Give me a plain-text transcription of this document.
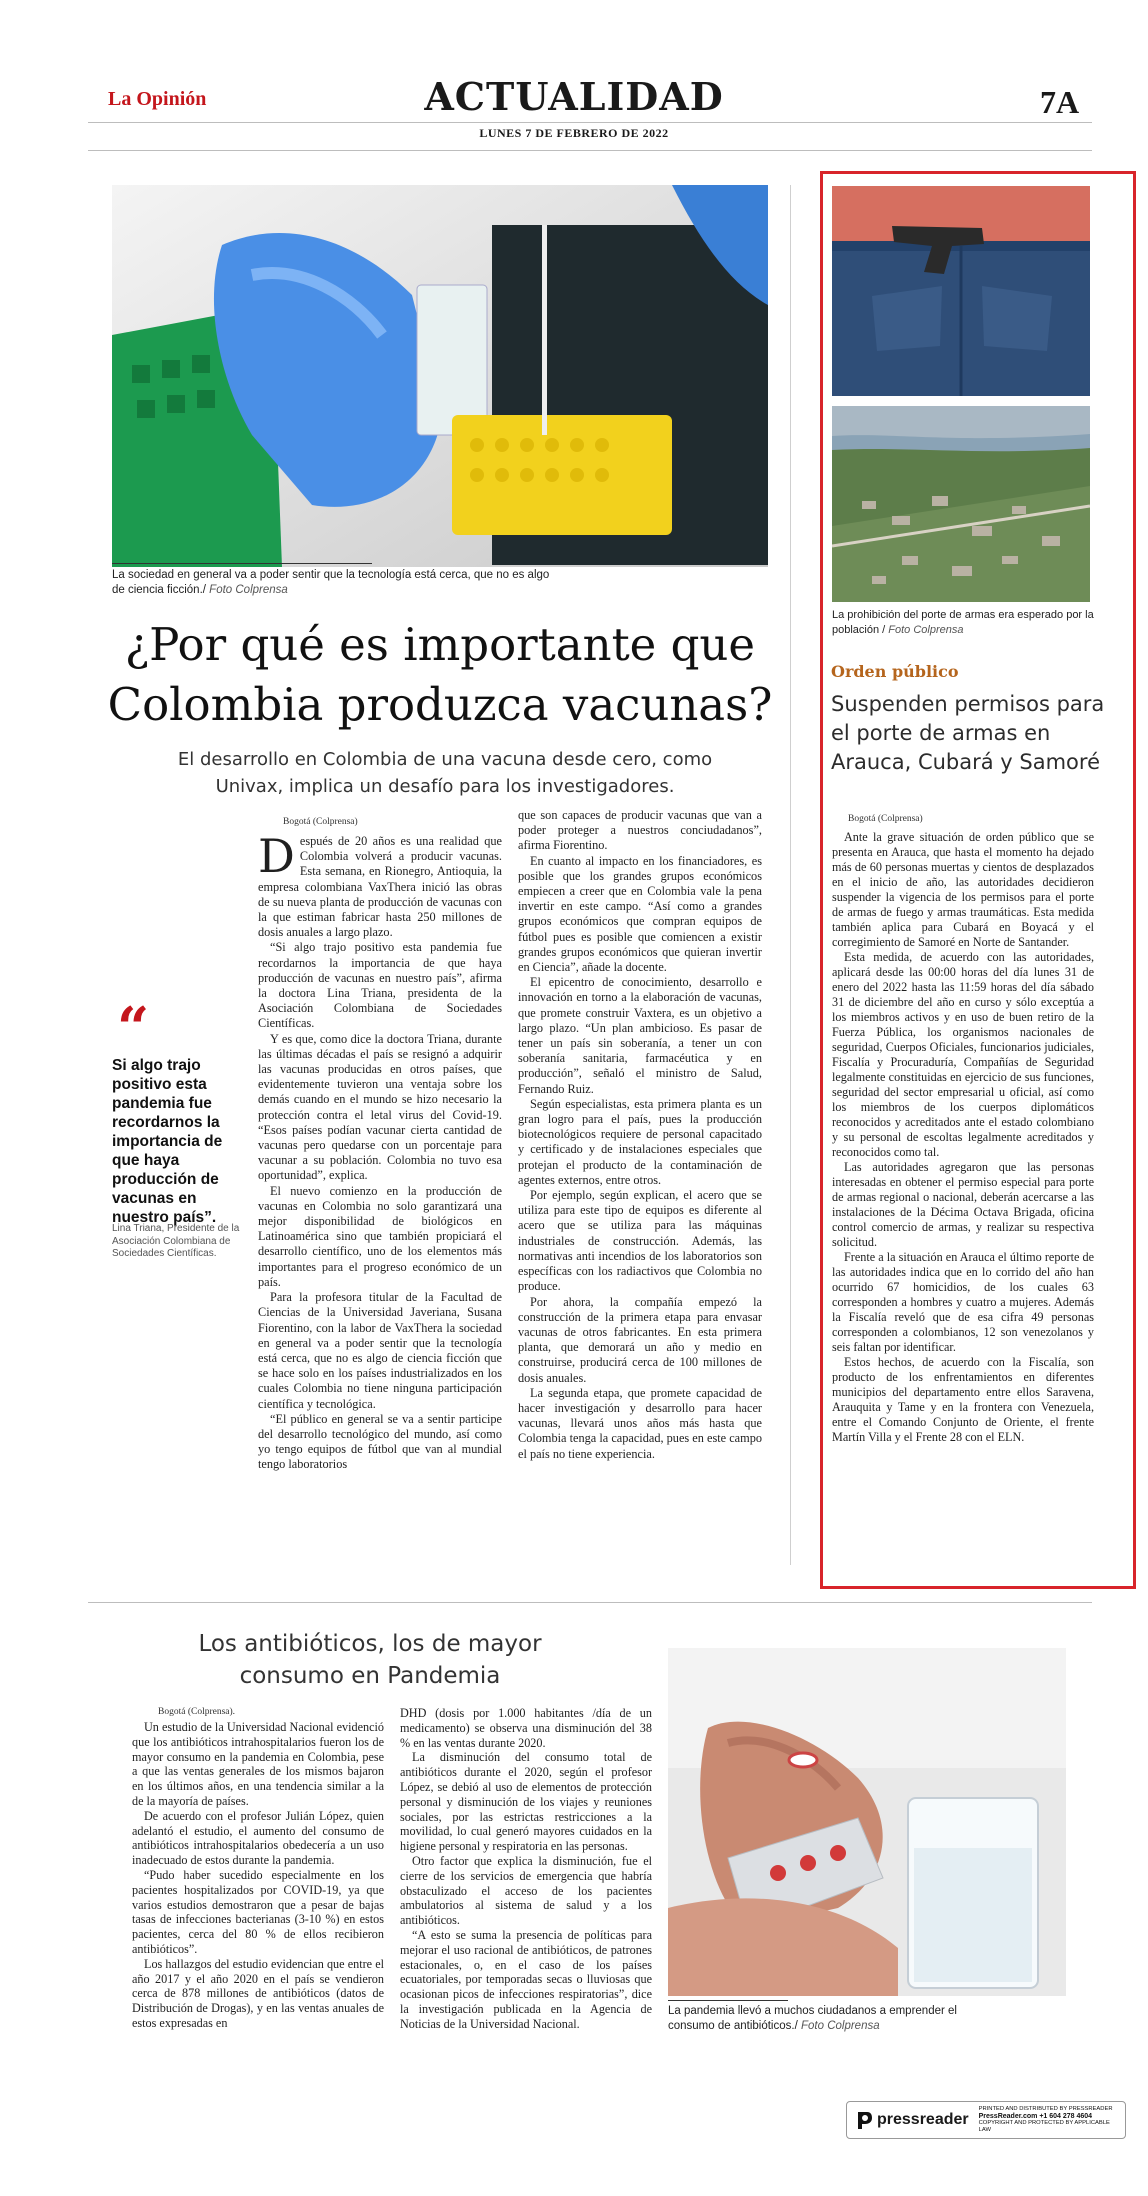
La Opinión	ACTUALIDAD
LUNES 7 DE FEBRERO DE 2022
7A
La sociedad en general va a poder sentir que la tecnología está cerca, que no es algo de ciencia ficción./ Foto Colprensa
¿Por qué es importante que Colombia produzca vacunas?
El desarrollo en Colombia de una vacuna desde cero, como Univax, implica un desafío para los investigadores.
“
Si algo trajo positivo esta pandemia fue recordarnos la importancia de que haya producción de vacunas en nuestro país”.
Lina Triana, Presidente de la Asociación Colombiana de Sociedades Científicas.
Bogotá (Colprensa)
D espués de 20 años es una realidad que Colombia volverá a producir vacunas. Esta semana, en Rionegro, Antioquia, la empresa colombiana VaxThera inició las obras de su nueva planta de producción de vacunas con la que estiman fabricar hasta 250 millones de dosis anuales a largo plazo.

“Si algo trajo positivo esta pandemia fue recordarnos la importancia de que haya producción de vacunas en nuestro país”, afirma la doctora Lina Triana, presidenta de la Asociación Colombiana de Sociedades Científicas.

Y es que, como dice la doctora Triana, durante las últimas décadas el país se resignó a adquirir las vacunas producidas en otros países, que evidentemente tuvieron una ventaja sobre los demás cuando en el mundo se hizo necesario la protección contra el letal virus del Covid-19. “Esos países podían vacunar cierta cantidad de vacunas pero quedarse con un porcentaje para vacunar a su población. Colombia no tuvo esa oportunidad”, explica.

El nuevo comienzo en la producción de vacunas en Colombia no solo garantizará una mejor disponibilidad de biológicos en Latinoamérica sino que también propiciará el desarrollo científico, uno de los elementos más importantes para el progreso económico de un país.

Para la profesora titular de la Facultad de Ciencias de la Universidad Javeriana, Susana Fiorentino, con la labor de VaxThera la sociedad en general va a poder sentir que la tecnología está cerca, que no es algo de ciencia ficción que se hace solo en los países industrializados en los cuales Colombia no tiene ninguna participación científica y tecnológica.

“El público en general se va a sentir participe del desarrollo tecnológico del mundo, así como yo tengo equipos de fútbol que van al mundial tengo laboratorios

que son capaces de producir vacunas que van a poder proteger a nuestros conciudadanos”, afirma Fiorentino.

En cuanto al impacto en los financiadores, es posible que los grandes grupos económicos empiecen a creer que en Colombia vale la pena invertir en este campo. “Así como a grandes grupos económicos que compran equipos de fútbol pues es posible que comiencen a existir grandes grupos económicos que quieran invertir en Ciencia”, añade la docente.

El epicentro de conocimiento, desarrollo e innovación en torno a la elaboración de vacunas, que promete construir Vaxtera, es un objetivo a largo plazo. “Un plan ambicioso. Es pasar de tener un país sin soberanía, a tener un con soberanía sanitaria, farmacéutica y en producción”, señaló el ministro de Salud, Fernando Ruiz.

Según especialistas, esta primera planta es un gran logro para el país, pues la producción biotecnológicos requiere de personal capacitado y certificado y de instalaciones especiales que protejan el producto de la contaminación de agentes externos, entre otros.

Por ejemplo, según explican, el acero que se utiliza para este tipo de equipos es diferente al acero que se utiliza para las máquinas industriales de construcción. Además, las normativas anti incendios de los laboratorios son específicas con los radiactivos que Colombia no produce.

Por ahora, la compañía empezó la construcción de la primera etapa para envasar vacunas de otros fabricantes. En esta primera planta, que demorará un año y medio en construirse, producirá cerca de 100 millones de dosis anuales.

La segunda etapa, que promete capacidad de hacer investigación y desarrollo para hacer vacunas, llevará unos años más hasta que Colombia tenga la capacidad, pues en este campo el país no tiene experiencia.

La prohibición del porte de armas era esperado por la población / Foto Colprensa
Orden público
Suspenden permisos para el porte de armas en Arauca, Cubará y Samoré
Bogotá (Colprensa)

Ante la grave situación de orden público que se presenta en Arauca, que hasta el momento ha dejado más de 60 personas muertas y cientos de desplazados en el inicio de año, las autoridades decidieron suspender la vigencia de los permisos para el porte de armas de fuego y armas traumáticas. Esta medida también aplica para Cubará en Boyacá y el corregimiento de Samoré en Norte de Santander.

Esta medida, de acuerdo con las autoridades, aplicará desde las 00:00 horas del día lunes 31 de enero del 2022 hasta las 11:59 horas del día sábado 31 de diciembre del año en curso y sólo exceptúa a los miembros activos y en uso de buen retiro de la Fuerza Pública, los organismos nacionales de seguridad, Cuerpos Oficiales, funcionarios judiciales, Fiscalía y Procuraduría, Compañías de Seguridad legalmente constituidas en ejercicio de sus funciones, seguridad del sector empresarial u oficial, así como los miembros de los cuerpos diplomáticos reconocidos y acreditados ante el estado colombiano y su personal de escoltas legalmente acreditados y reconocidos como tal.

Las autoridades agregaron que las personas interesadas en obtener el permiso especial para porte de armas regional o nacional, deberán acercarse a las instalaciones de la Décima Octava Brigada, oficina control comercio de armas, y realizar su respectiva solicitud.

Frente a la situación en Arauca el último reporte de las autoridades indica que en lo corrido del año han ocurrido 67 homicidios, de los cuales 63 corresponden a hombres y cuatro a mujeres. Además la Fiscalía reveló que de esa cifra 49 personas corresponden a colombianos, 12 son venezolanos y seis faltan por identificar.

Estos hechos, de acuerdo con la Fiscalía, son producto de los enfrentamientos en diferentes municipios del departamento entre ellos Saravena, Arauquita y Tame y en la frontera con Venezuela, entre el Comando Conjunto de Oriente, el frente Martín Villa y el Frente 28 con el ELN.

Los antibióticos, los de mayor consumo en Pandemia
Bogotá (Colprensa).

Un estudio de la Universidad Nacional evidenció que los antibióticos intrahospitalarios fueron los de mayor consumo en la pandemia en Colombia, pese a que las ventas generales de los mismos bajaron en los últimos años, en una tendencia similar a la de la mayoría de países.

De acuerdo con el profesor Julián López, quien adelantó el estudio, el aumento del consumo de antibióticos intrahospitalarios obedecería a un uso inadecuado de estos durante la pandemia.

“Pudo haber sucedido especialmente en los pacientes hospitalizados por COVID-19, ya que varios estudios demostraron que a pesar de bajas tasas de infecciones bacterianas (3-10 %) en estos pacientes, cerca del 80 % de ellos recibieron antibióticos”.

Los hallazgos del estudio evidencian que entre el año 2017 y el año 2020 en el país se vendieron cerca de 878 millones de antibióticos (datos de Distribución de Drogas), y en las ventas anuales de estos expresadas en

DHD (dosis por 1.000 habitantes /día de un medicamento) se observa una disminución del 38 % en las ventas durante 2020.

La disminución del consumo total de antibióticos durante el 2020, según el profesor López, se debió al uso de elementos de protección personal y disminución de los viajes y reuniones sociales, por las estrictas restricciones a la movilidad, lo cual generó mayores cuidados en la higiene personal y respiratoria en las personas.

Otro factor que explica la disminución, fue el cierre de los servicios de emergencia que habría obstaculizado el acceso de los pacientes ambulatorios al sistema de salud y a los antibióticos.

“A esto se suma la presencia de políticas para mejorar el uso racional de antibióticos, de patrones estacionales, o, en el caso de los países ecuatoriales, por temporadas secas o lluviosas que ocasionan picos de infecciones respiratorias”, dice la investigación publicada en la Agencia de Noticias de la Universidad Nacional.

La pandemia llevó a muchos ciudadanos a emprender el consumo de antibióticos./ Foto Colprensa
pressreader
PRINTED AND DISTRIBUTED BY PRESSREADER
PressReader.com +1 604 278 4604
COPYRIGHT AND PROTECTED BY APPLICABLE LAW
